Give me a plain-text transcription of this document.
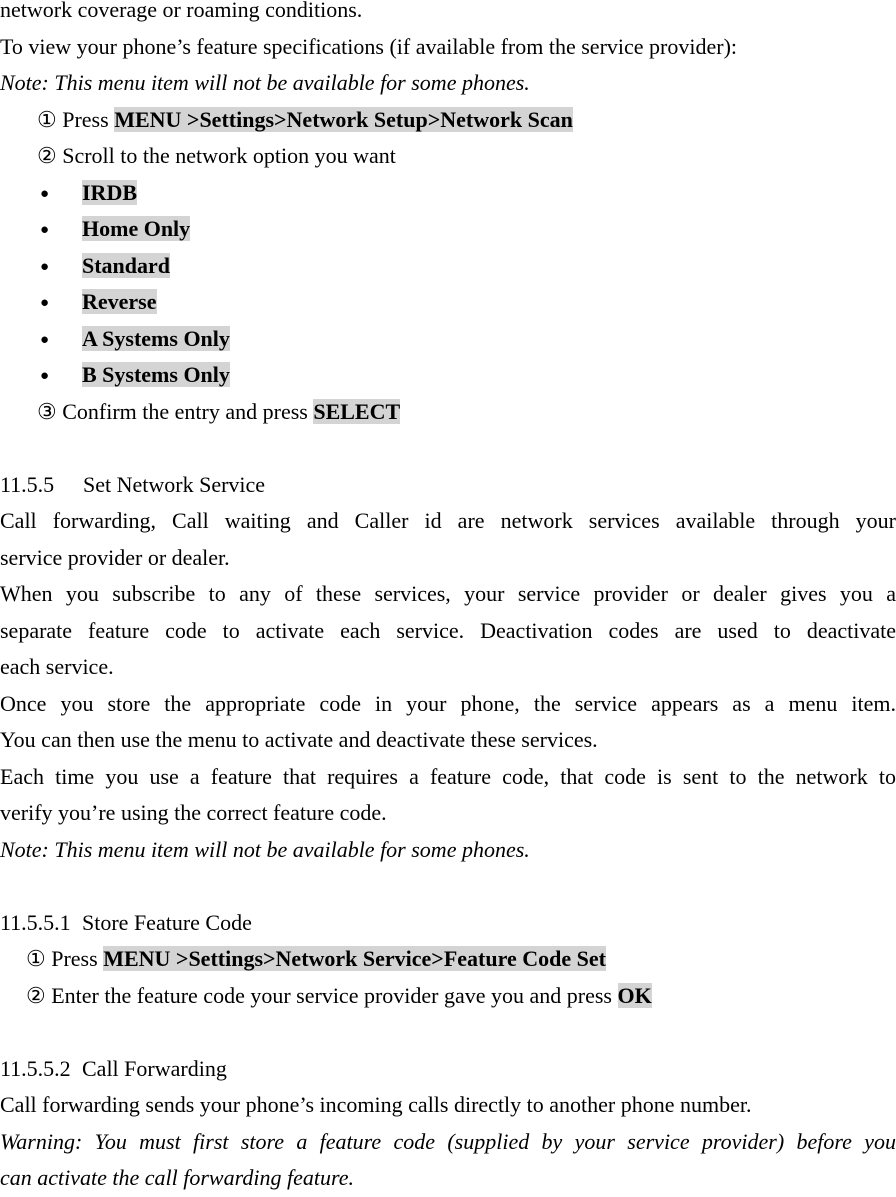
network coverage or roaming conditions.
To view your phone’s feature specifications (if available from the service provider):
Note: This menu item will not be available for some phones.
① Press MENU >Settings>Network Setup>Network Scan
② Scroll to the network option you want
● IRDB
● Home Only
● Standard
● Reverse
● A Systems Only
● B Systems Only
③ Confirm the entry and press SELECT
11.5.5 Set Network Service
Call forwarding, Call waiting and Caller id are network services available through your
service provider or dealer.
When you subscribe to any of these services, your service provider or dealer gives you a
separate feature code to activate each service. Deactivation codes are used to deactivate
each service.
Once you store the appropriate code in your phone, the service appears as a menu item.
You can then use the menu to activate and deactivate these services.
Each time you use a feature that requires a feature code, that code is sent to the network to
verify you’re using the correct feature code.
Note: This menu item will not be available for some phones.
11.5.5.1 Store Feature Code
① Press MENU >Settings>Network Service>Feature Code Set
② Enter the feature code your service provider gave you and press OK
11.5.5.2 Call Forwarding
Call forwarding sends your phone’s incoming calls directly to another phone number.
Warning: You must first store a feature code (supplied by your service provider) before you
can activate the call forwarding feature.
